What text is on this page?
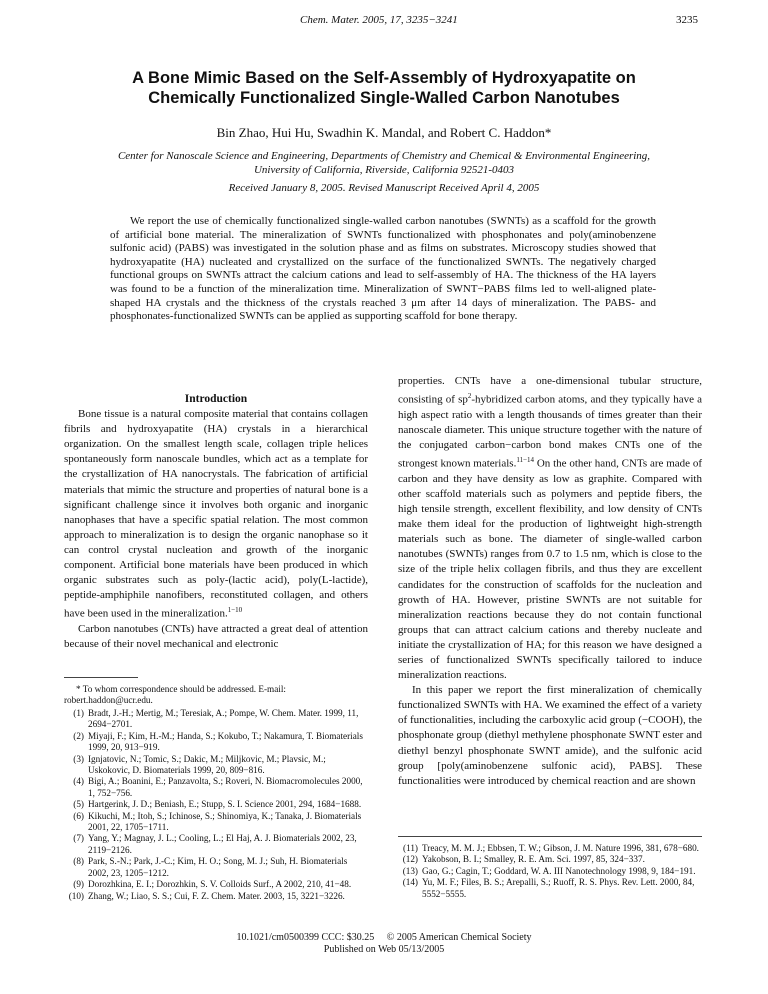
Chem. Mater. 2005, 17, 3235−3241	3235
A Bone Mimic Based on the Self-Assembly of Hydroxyapatite on Chemically Functionalized Single-Walled Carbon Nanotubes
Bin Zhao, Hui Hu, Swadhin K. Mandal, and Robert C. Haddon*
Center for Nanoscale Science and Engineering, Departments of Chemistry and Chemical & Environmental Engineering, University of California, Riverside, California 92521-0403
Received January 8, 2005. Revised Manuscript Received April 4, 2005
We report the use of chemically functionalized single-walled carbon nanotubes (SWNTs) as a scaffold for the growth of artificial bone material. The mineralization of SWNTs functionalized with phosphonates and poly(aminobenzene sulfonic acid) (PABS) was investigated in the solution phase and as films on substrates. Microscopy studies showed that hydroxyapatite (HA) nucleated and crystallized on the surface of the functionalized SWNTs. The negatively charged functional groups on SWNTs attract the calcium cations and lead to self-assembly of HA. The thickness of the HA layers was found to be a function of the mineralization time. Mineralization of SWNT−PABS films led to well-aligned plate-shaped HA crystals and the thickness of the crystals reached 3 μm after 14 days of mineralization. The PABS- and phosphonates-functionalized SWNTs can be applied as supporting scaffold for bone therapy.

Introduction

Bone tissue is a natural composite material that contains collagen fibrils and hydroxyapatite (HA) crystals in a hierarchical organization. On the smallest length scale, collagen triple helices spontaneously form nanoscale bundles, which act as a template for the crystallization of HA nanocrystals. The fabrication of artificial materials that mimic the structure and properties of natural bone is a significant challenge since it involves both organic and inorganic nanophases that have a specific spatial relation. The most common approach to mineralization is to design the organic nanophase so it can control crystal nucleation and growth of the inorganic component. Artificial bone materials have been produced in which organic substrates such as poly-(lactic acid), poly(L-lactide), peptide-amphiphile nanofibers, reconstituted collagen, and others have been used in the mineralization.$^{1-10}$

Carbon nanotubes (CNTs) have attracted a great deal of attention because of their novel mechanical and electronic

* To whom correspondence should be addressed. E-mail: robert.haddon@ucr.edu.
(1) Bradt, J.-H.; Mertig, M.; Teresiak, A.; Pompe, W. Chem. Mater. 1999, 11, 2694−2701.
(2) Miyaji, F.; Kim, H.-M.; Handa, S.; Kokubo, T.; Nakamura, T. Biomaterials 1999, 20, 913−919.
(3) Ignjatovic, N.; Tomic, S.; Dakic, M.; Miljkovic, M.; Plavsic, M.; Uskokovic, D. Biomaterials 1999, 20, 809−816.
(4) Bigi, A.; Boanini, E.; Panzavolta, S.; Roveri, N. Biomacromolecules 2000, 1, 752−756.
(5) Hartgerink, J. D.; Beniash, E.; Stupp, S. I. Science 2001, 294, 1684−1688.
(6) Kikuchi, M.; Itoh, S.; Ichinose, S.; Shinomiya, K.; Tanaka, J. Biomaterials 2001, 22, 1705−1711.
(7) Yang, Y.; Magnay, J. L.; Cooling, L.; El Haj, A. J. Biomaterials 2002, 23, 2119−2126.
(8) Park, S.-N.; Park, J.-C.; Kim, H. O.; Song, M. J.; Suh, H. Biomaterials 2002, 23, 1205−1212.
(9) Dorozhkina, E. I.; Dorozhkin, S. V. Colloids Surf., A 2002, 210, 41−48.
(10) Zhang, W.; Liao, S. S.; Cui, F. Z. Chem. Mater. 2003, 15, 3221−3226.

properties. CNTs have a one-dimensional tubular structure, consisting of $sp^2$-hybridized carbon atoms, and they typically have a high aspect ratio with a length thousands of times greater than their nanoscale diameter. This unique structure together with the nature of the conjugated carbon−carbon bond makes CNTs one of the strongest known materials.$^{11-14}$ On the other hand, CNTs are made of carbon and they have density as low as graphite. Compared with other scaffold materials such as polymers and peptide fibers, the high tensile strength, excellent flexibility, and low density of CNTs make them ideal for the production of lightweight high-strength materials such as bone. The diameter of single-walled carbon nanotubes (SWNTs) ranges from 0.7 to 1.5 nm, which is close to the size of the triple helix collagen fibrils, and thus they are excellent candidates for the construction of scaffolds for the nucleation and growth of HA. However, pristine SWNTs are not suitable for mineralization reactions because they do not contain functional groups that can attract calcium cations and thereby nucleate and initiate the crystallization of HA; for this reason we have designed a series of functionalized SWNTs specifically tailored to induce mineralization reactions.

In this paper we report the first mineralization of chemically functionalized SWNTs with HA. We examined the effect of a variety of functionalities, including the carboxylic acid group (−COOH), the phosphonate group (diethyl methylene phosphonate SWNT ester and diethyl benzyl phosphonate SWNT amide), and the sulfonic acid group [poly(aminobenzene sulfonic acid), PABS]. These functionalities were introduced by chemical reaction and are shown

(11) Treacy, M. M. J.; Ebbsen, T. W.; Gibson, J. M. Nature 1996, 381, 678−680.
(12) Yakobson, B. I.; Smalley, R. E. Am. Sci. 1997, 85, 324−337.
(13) Gao, G.; Cagin, T.; Goddard, W. A. III Nanotechnology 1998, 9, 184−191.
(14) Yu, M. F.; Files, B. S.; Arepalli, S.; Ruoff, R. S. Phys. Rev. Lett. 2000, 84, 5552−5555.
10.1021/cm0500399 CCC: $30.25     © 2005 American Chemical Society
Published on Web 05/13/2005
